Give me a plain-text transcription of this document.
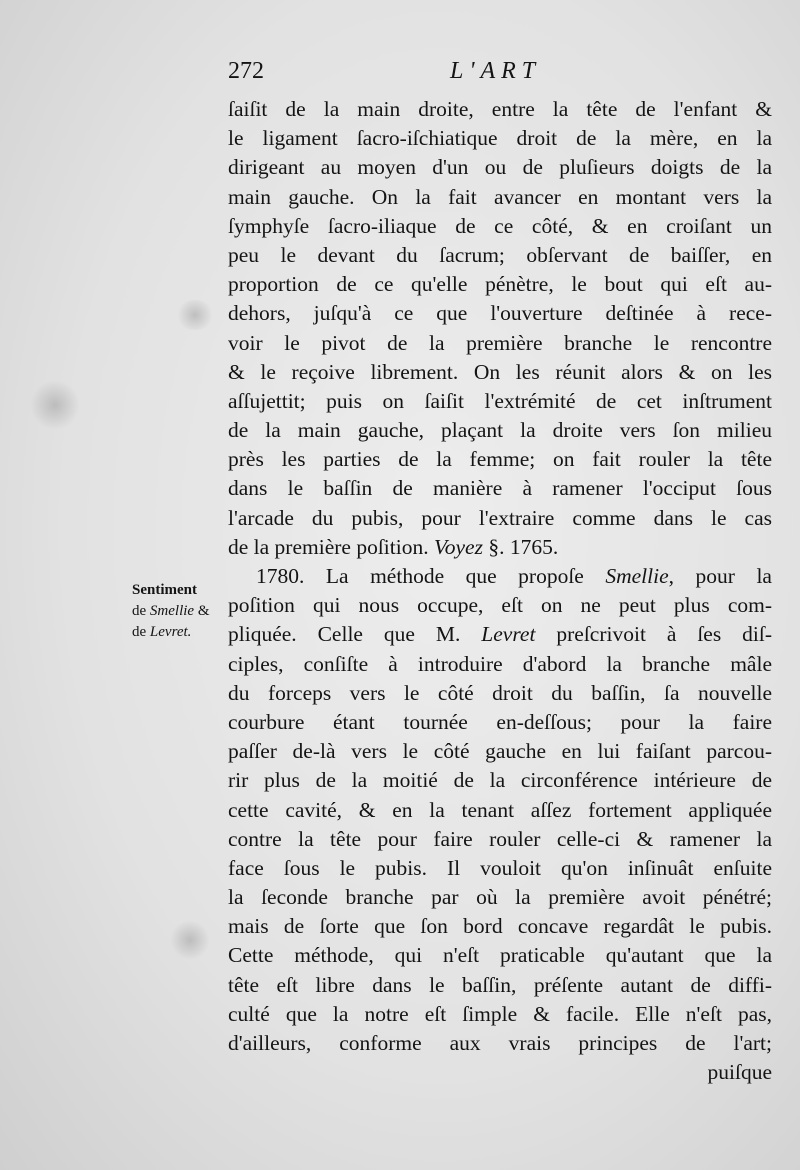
272	L'ART
Sentiment
de Smellie &
de Levret.
ſaiſit de la main droite, entre la tête de l'enfant &
le ligament ſacro-iſchiatique droit de la mère, en la
dirigeant au moyen d'un ou de pluſieurs doigts de la
main gauche. On la fait avancer en montant vers la
ſymphyſe ſacro-iliaque de ce côté, & en croiſant un
peu le devant du ſacrum; obſervant de baiſſer, en
proportion de ce qu'elle pénètre, le bout qui eſt au-
dehors, juſqu'à ce que l'ouverture deſtinée à rece-
voir le pivot de la première branche le rencontre
& le reçoive librement. On les réunit alors & on les
aſſujettit; puis on ſaiſit l'extrémité de cet inſtrument
de la main gauche, plaçant la droite vers ſon milieu
près les parties de la femme; on fait rouler la tête
dans le baſſin de manière à ramener l'occiput ſous
l'arcade du pubis, pour l'extraire comme dans le cas
de la première poſition. Voyez §. 1765.
1780. La méthode que propoſe Smellie, pour la
poſition qui nous occupe, eſt on ne peut plus com-
pliquée. Celle que M. Levret preſcrivoit à ſes diſ-
ciples, conſiſte à introduire d'abord la branche mâle
du forceps vers le côté droit du baſſin, ſa nouvelle
courbure étant tournée en-deſſous; pour la faire
paſſer de-là vers le côté gauche en lui faiſant parcou-
rir plus de la moitié de la circonférence intérieure de
cette cavité, & en la tenant aſſez fortement appliquée
contre la tête pour faire rouler celle-ci & ramener la
face ſous le pubis. Il vouloit qu'on inſinuât enſuite
la ſeconde branche par où la première avoit pénétré;
mais de ſorte que ſon bord concave regardât le pubis.
Cette méthode, qui n'eſt praticable qu'autant que la
tête eſt libre dans le baſſin, préſente autant de diffi-
culté que la notre eſt ſimple & facile. Elle n'eſt pas,
d'ailleurs, conforme aux vrais principes de l'art;
puiſque
